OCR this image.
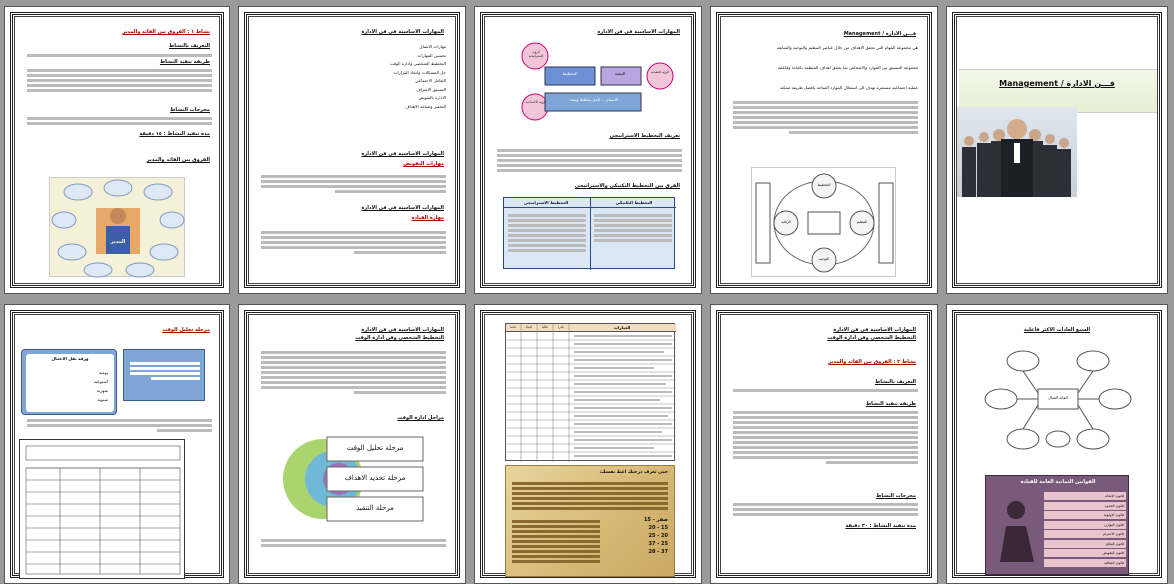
فـــن الادارة / Management
فـــن الادارة / Management
هي مجموعة المهام التي تحقق الاهداف من خلال عناصر التنظيم والتوجيه والمتابعة
مجموعة التنسيق بين الموارد والاشخاص بما يحقق اهداف المنظمة بكفاءة وفاعلية
عملية اجتماعية مستمرة تهدف الى استغلال الموارد المتاحة بافضل طريقة ممكنة
التخطيط
التنظيم
التوجيه
الرقابة
المهارات الاساسية في فن الادارة
التخطيط	التنفيذ
الانسان .. الذي يخطط وينفذ
الرؤية الاستراتيجية
الرؤية التنفيذية
الرؤية الاجتماعية
تعريف التخطيط الاستراتيجي
الفرق بين التخطيط التكتيكي والاستراتيجي
التخطيط الاستراتيجي	التخطيط التكتيكي
المهارات الاساسية في فن الادارة
مهارات الاتصال
تحسين المهارات
التخطيط الشخصي وادارة الوقت
حل المشكلات واتخاذ القرارات
التعامل الاجتماعي
التنسيق الاشراف
الادارة بالتفويض
التحفيز وصياغة الاهداف
المهارات الاساسية في فن الادارة
مهارات التفويض
المهارات الاساسية في فن الادارة
مهارة القيادة
نشاط ١ : الفروق بين القائد والمدير
التعريف بالنشاط
طريقة تنفيذ النشاط
مخرجات النشاط
مدة تنفيذ النشاط : ١٥ دقيقة
الفروق بين القائد والمدير
المدير
السبع العادات الاكثر فاعلية
القائد الفعال
القوانين الثمانية العامة للقيادة
قانون الاتجاه
قانون الحدود
قانون الاولوية
قانون التوازن
قانون الاحترام
قانون النتائج
قانون التفويض
قانون المثالية
المهارات الاساسية في فن الادارة
التخطيط الشخصي وفن ادارة الوقت
نشاط ٢ : الفروق بين القائد والمدير
التعريف بالنشاط
طريقة تنفيذ النشاط
مخرجات النشاط
مدة تنفيذ النشاط : ٣٠ دقيقة
العبارات
دائما	احيانا	غالبا	نادرا
حتى تعرف درجتك اعط نفسك:
15 - صفر
20 - 15
25 - 20
37 - 25
28 - 37
المهارات الاساسية في فن الادارة
التخطيط الشخصي وفن ادارة الوقت
مراحل ادارة الوقت
مرحلة تحليل الوقت
مرحلة تحديد الاهداف
مرحلة التنفيذ
مرحلة تحليل الوقت
ورقة نقل الاعمال
يومية
اسبوعية
شهرية
سنوية
